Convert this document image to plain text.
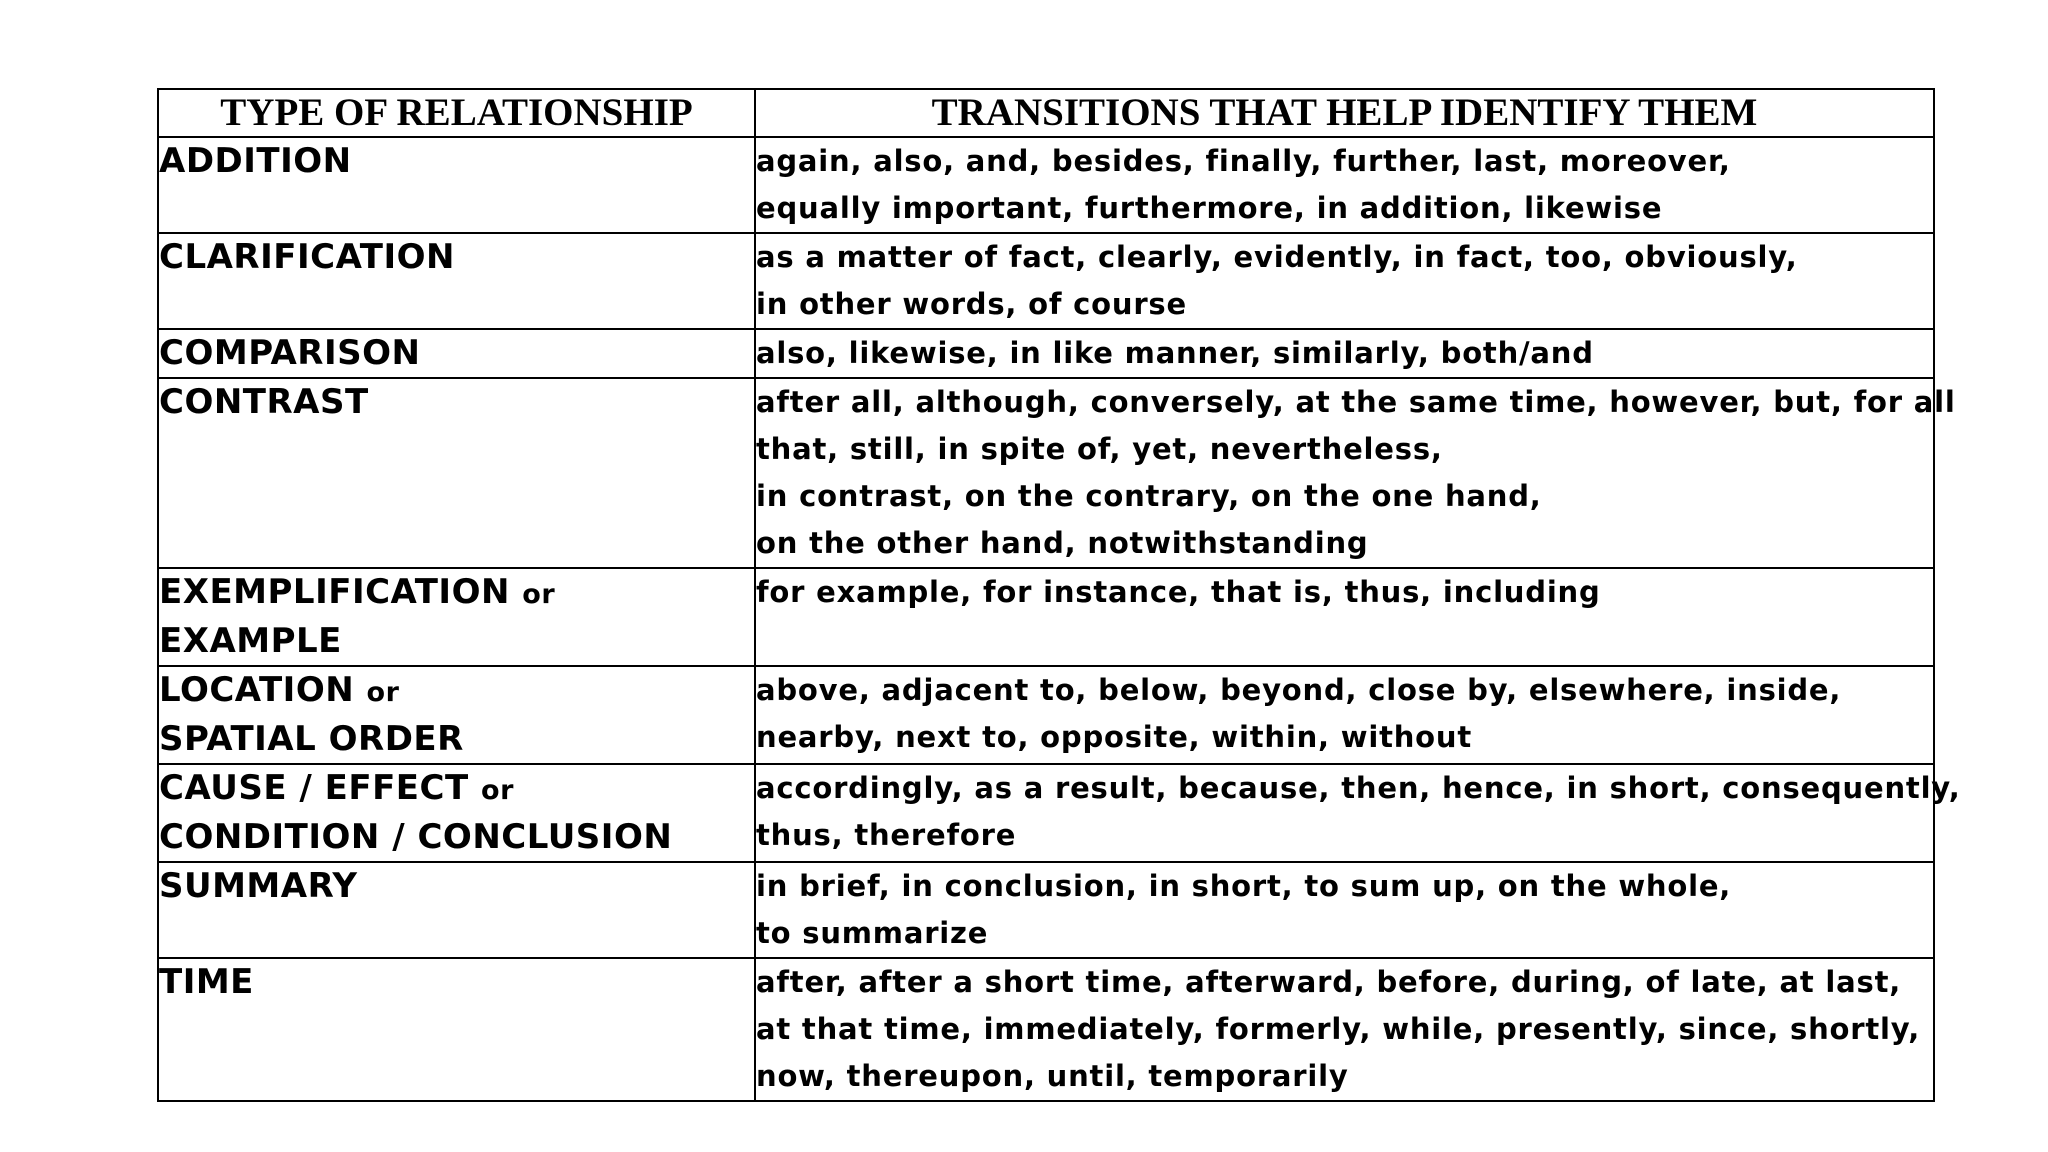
TYPE OF RELATIONSHIP	TRANSITIONS THAT HELP IDENTIFY THEM
ADDITION	again, also, and, besides, finally, further, last, moreover,
equally important, furthermore, in addition, likewise

CLARIFICATION	as a matter of fact, clearly, evidently, in fact, too, obviously,
in other words, of course

COMPARISON	also, likewise, in like manner, similarly, both/and

CONTRAST	after all, although, conversely, at the same time, however, but, for all
that, still, in spite of, yet, nevertheless,
in contrast, on the contrary, on the one hand,
on the other hand, notwithstanding

EXEMPLIFICATION or
EXAMPLE	for example, for instance, that is, thus, including

LOCATION or
SPATIAL ORDER	above, adjacent to, below, beyond, close by, elsewhere, inside,
nearby, next to, opposite, within, without

CAUSE / EFFECT or
CONDITION / CONCLUSION	accordingly, as a result, because, then, hence, in short, consequently,
thus, therefore

SUMMARY	in brief, in conclusion, in short, to sum up, on the whole,
to summarize

TIME	after, after a short time, afterward, before, during, of late, at last,
at that time, immediately, formerly, while, presently, since, shortly,
now, thereupon, until, temporarily
